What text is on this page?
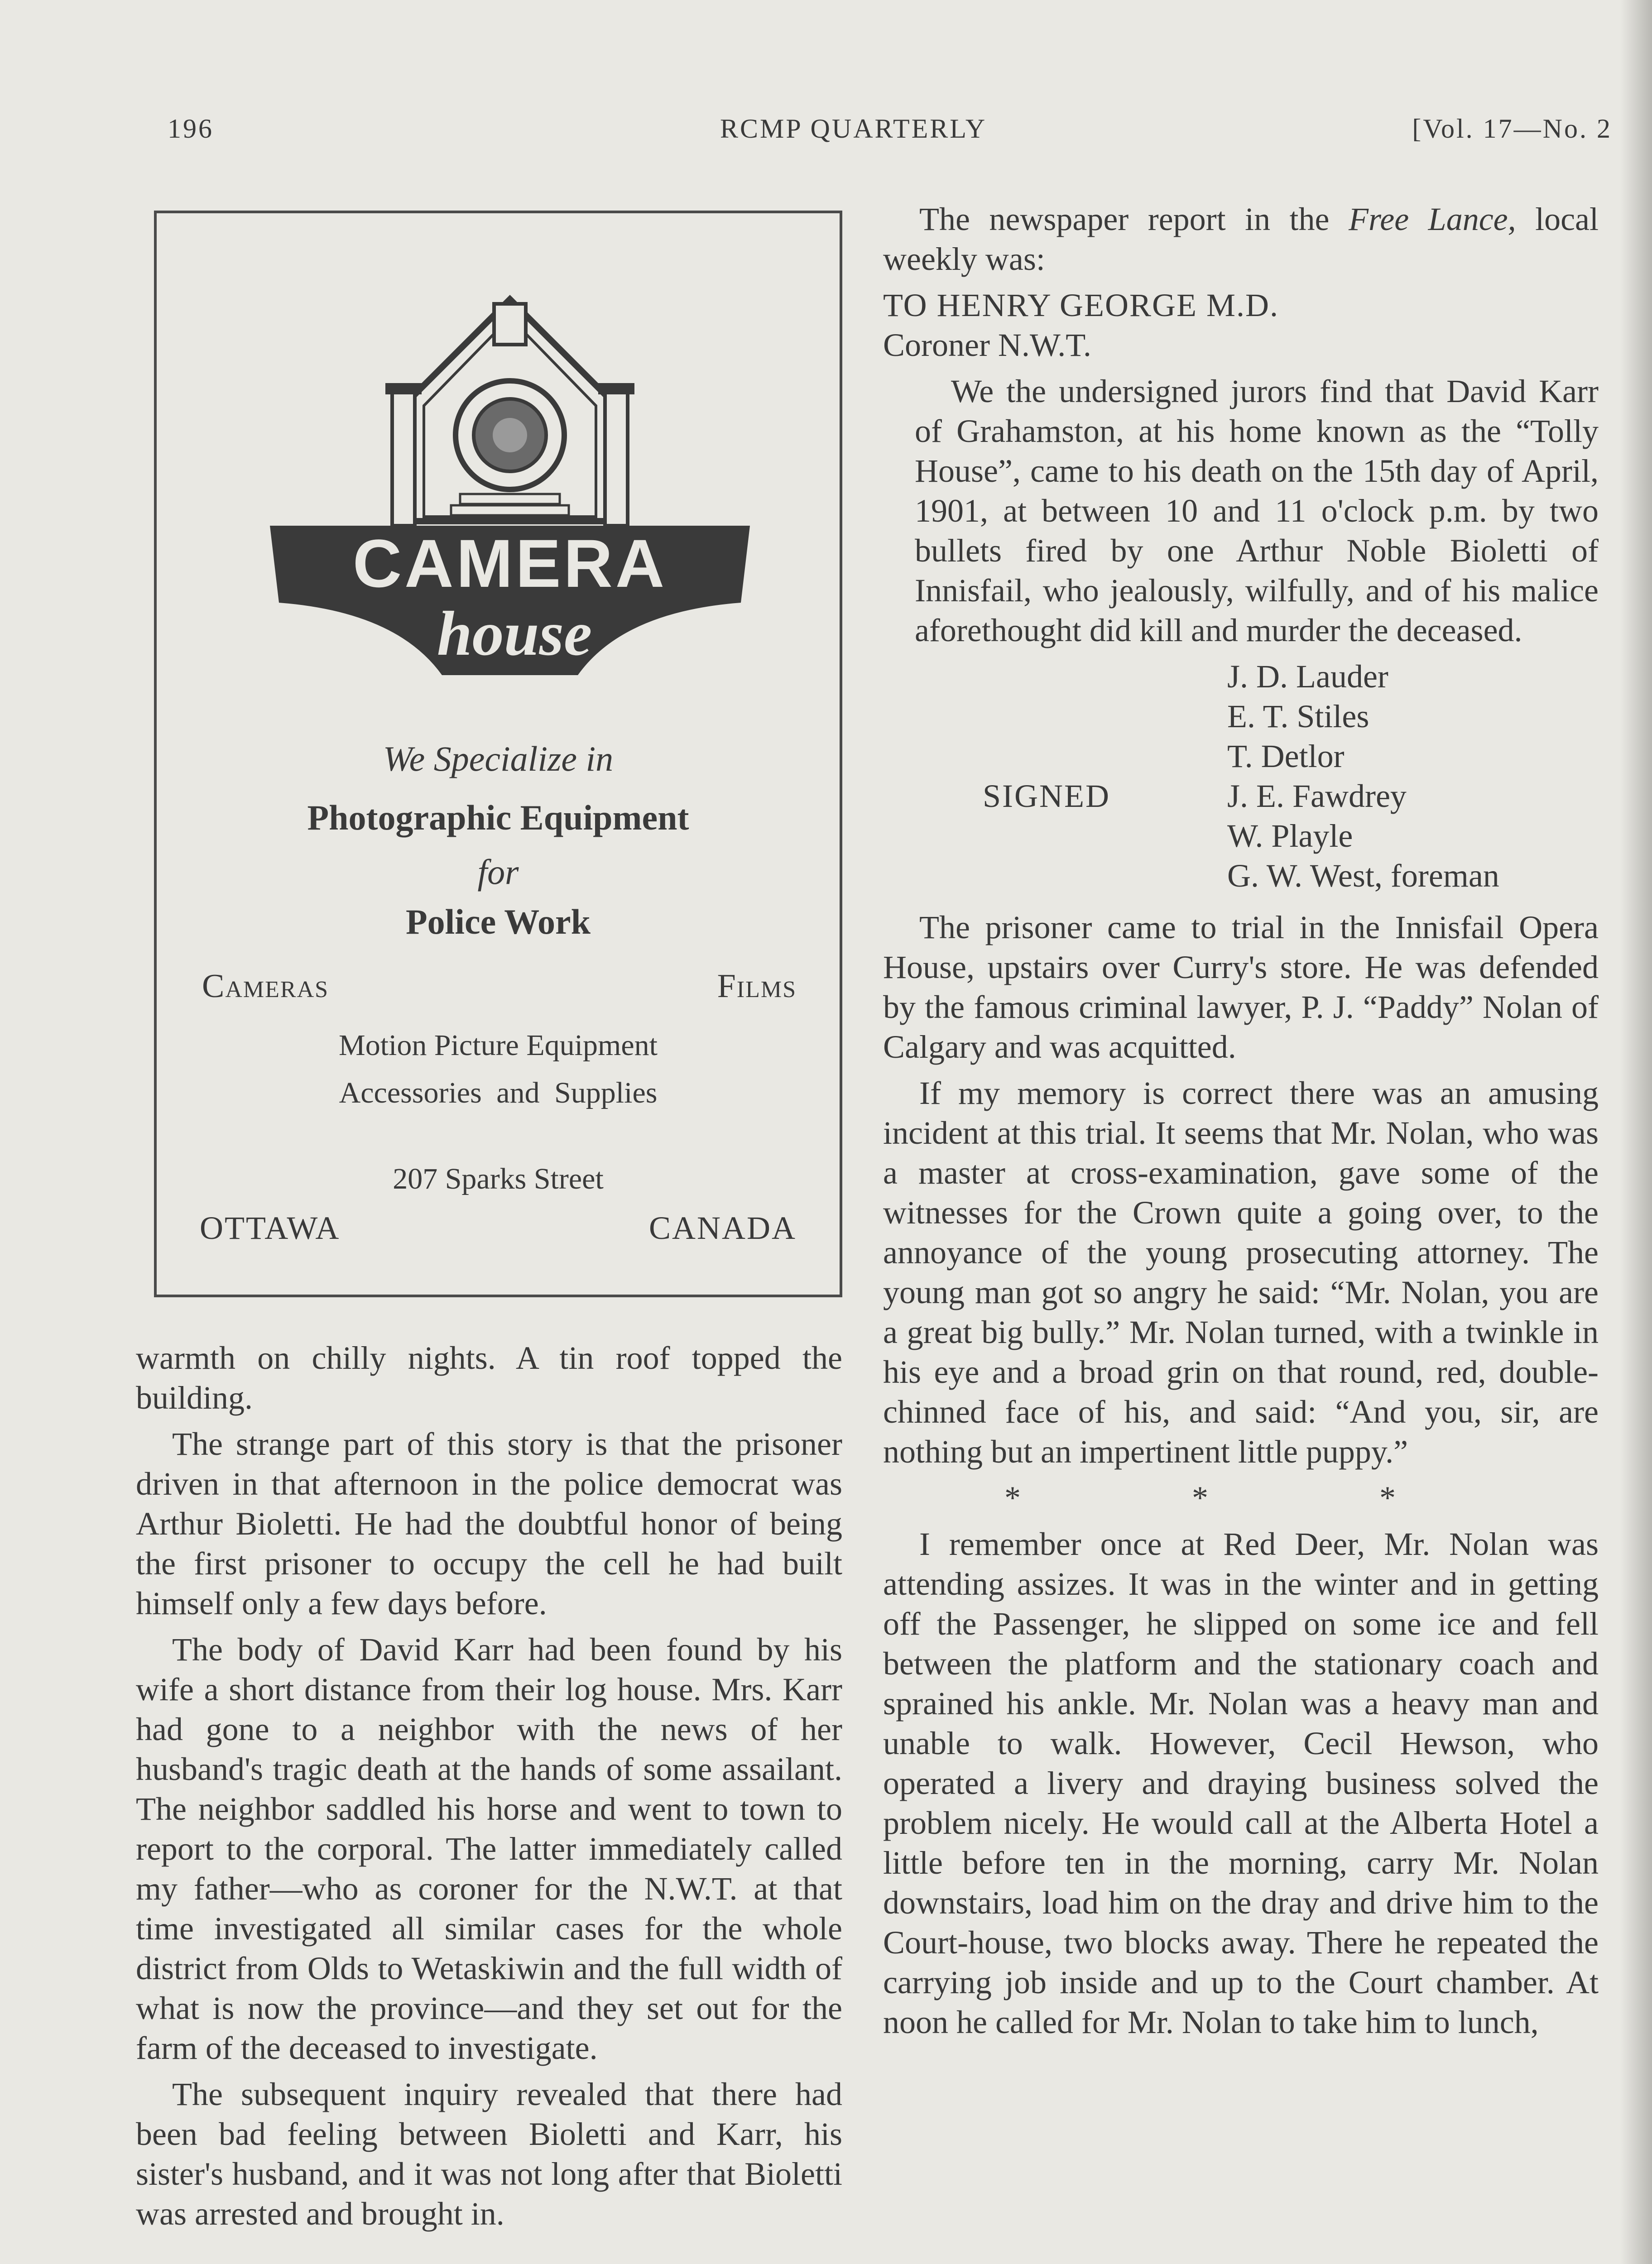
196	RCMP QUARTERLY	[Vol. 17—No. 2
CAMERA
house
LTD.
We Specialize in
Photographic Equipment
for
Police Work
Cameras	Films
Motion Picture Equipment
Accessories and Supplies
207 Sparks Street
OTTAWA	CANADA

warmth on chilly nights. A tin roof topped the building.

The strange part of this story is that the prisoner driven in that afternoon in the police democrat was Arthur Bioletti. He had the doubtful honor of being the first prisoner to occupy the cell he had built himself only a few days before.

The body of David Karr had been found by his wife a short distance from their log house. Mrs. Karr had gone to a neighbor with the news of her husband's tragic death at the hands of some assailant. The neighbor saddled his horse and went to town to report to the corporal. The latter immediately called my father—who as coroner for the N.W.T. at that time investigated all similar cases for the whole district from Olds to Wetaskiwin and the full width of what is now the province—and they set out for the farm of the deceased to investigate.

The subsequent inquiry revealed that there had been bad feeling between Bioletti and Karr, his sister's husband, and it was not long after that Bioletti was arrested and brought in.

The newspaper report in the Free Lance, local weekly was:

TO HENRY GEORGE M.D.

Coroner N.W.T.

We the undersigned jurors find that David Karr of Grahamston, at his home known as the “Tolly House”, came to his death on the 15th day of April, 1901, at between 10 and 11 o'clock p.m. by two bullets fired by one Arthur Noble Bioletti of Innisfail, who jealously, wilfully, and of his malice aforethought did kill and murder the deceased.

SIGNED
J. D. Lauder
E. T. Stiles
T. Detlor
J. E. Fawdrey
W. Playle
G. W. West, foreman

The prisoner came to trial in the Innisfail Opera House, upstairs over Curry's store. He was defended by the famous criminal lawyer, P. J. “Paddy” Nolan of Calgary and was acquitted.

If my memory is correct there was an amusing incident at this trial. It seems that Mr. Nolan, who was a master at cross-examination, gave some of the witnesses for the Crown quite a going over, to the annoyance of the young prosecuting attorney. The young man got so angry he said: “Mr. Nolan, you are a great big bully.” Mr. Nolan turned, with a twinkle in his eye and a broad grin on that round, red, double-chinned face of his, and said: “And you, sir, are nothing but an impertinent little puppy.”

* * *

I remember once at Red Deer, Mr. Nolan was attending assizes. It was in the winter and in getting off the Passenger, he slipped on some ice and fell between the platform and the stationary coach and sprained his ankle. Mr. Nolan was a heavy man and unable to walk. However, Cecil Hewson, who operated a livery and draying business solved the problem nicely. He would call at the Alberta Hotel a little before ten in the morning, carry Mr. Nolan downstairs, load him on the dray and drive him to the Court-house, two blocks away. There he repeated the carrying job inside and up to the Court chamber. At noon he called for Mr. Nolan to take him to lunch,
